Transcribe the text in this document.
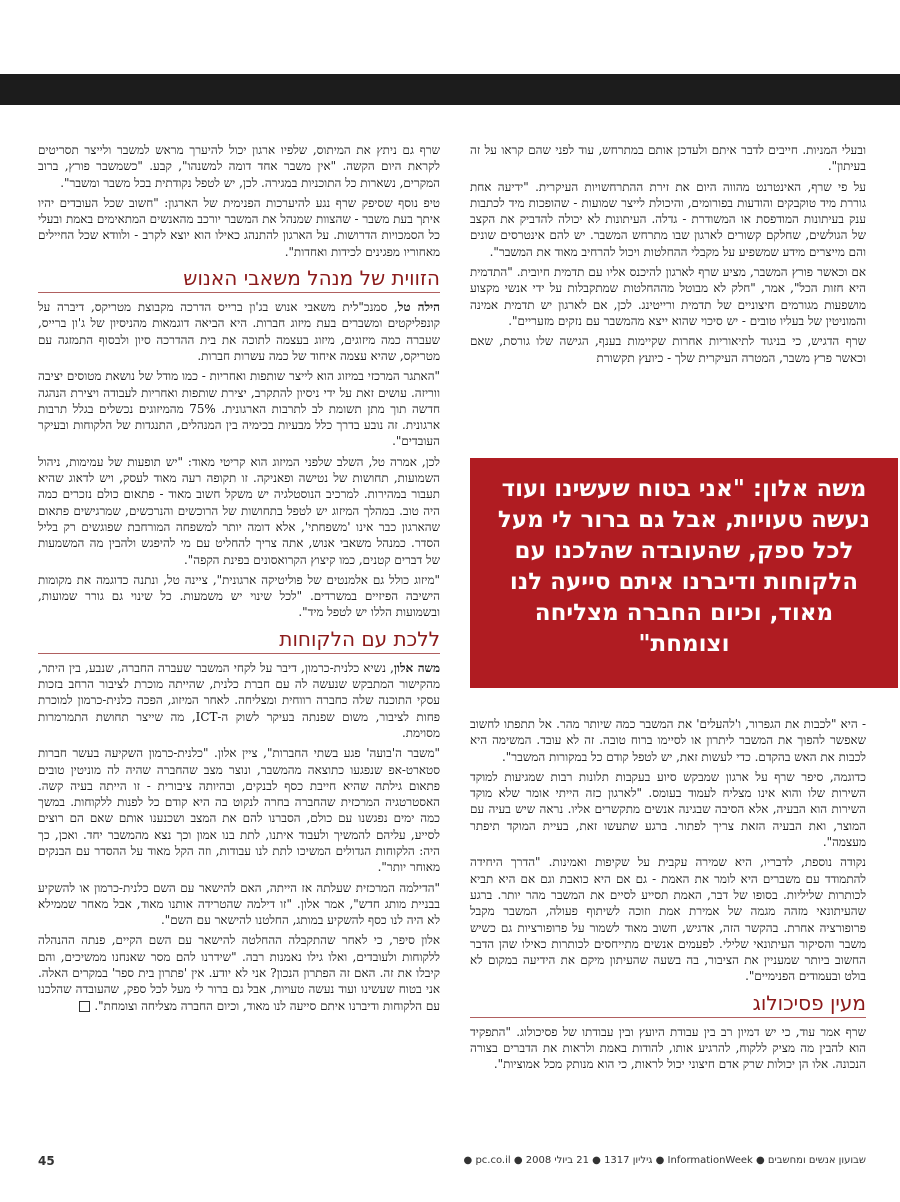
ובעלי המניות. חייבים לדבר איתם ולעדכן אותם במתרחש, עוד לפני שהם קראו על זה בעיתון".

על פי שרף, האינטרנט מהווה היום את זירת ההתרחשויות העיקרית. "ידיעה אחת גוררת מיד טוקבקים והודעות בפורומים, והיכולת לייצר שמועות - שהופכות מיד לכתבות ענק בעיתונות המודפסת או המשודרת - גדלה. העיתונות לא יכולה להדביק את הקצב של הגולשים, שחלקם קשורים לארגון שבו מתרחש המשבר. יש להם אינטרסים שונים והם מייצרים מידע שמשפיע על מקבלי ההחלטות ויכול להרחיב מאוד את המשבר".

אם וכאשר פורץ המשבר, מציע שרף לארגון להיכנס אליו עם תדמית חיובית. "התדמית היא חזות הכל", אמר, "חלק לא מבוטל מההחלטות שמתקבלות על ידי אנשי מקצוע מושפעות מגורמים חיצוניים של תדמית ורייטינג. לכן, אם לארגון יש תדמית אמינה והמוניטין של בעליו טובים - יש סיכוי שהוא ייצא מהמשבר עם נזקים מזעריים".

שרף הדגיש, כי בניגוד לתיאוריות אחרות שקיימות בענף, הגישה שלו גורסת, שאם וכאשר פרץ משבר, המטרה העיקרית שלך - כיועץ תקשורת

משה אלון: "אני בטוח שעשינו ועוד נעשה טעויות, אבל גם ברור לי מעל לכל ספק, שהעובדה שהלכנו עם הלקוחות ודיברנו איתם סייעה לנו מאוד, וכיום החברה מצליחה וצומחת"

- היא "לכבות את הגפרור, ו'להעלים' את המשבר כמה שיותר מהר. אל תתפתו לחשוב שאפשר להפוך את המשבר ליתרון או לסיימו ברוח טובה. זה לא עובד. המשימה היא לכבות את האש בהקדם. כדי לעשות זאת, יש לטפל קודם כל במקורות המשבר".

כדוגמה, סיפר שרף על ארגון שמבקש סיוע בעקבות תלונות רבות שמגיעות למוקד השירות שלו והוא אינו מצליח לעמוד בעומס. "לארגון כזה הייתי אומר שלא מוקד השירות הוא הבעיה, אלא הסיבה שבגינה אנשים מתקשרים אליו. נראה שיש בעיה עם המוצר, ואת הבעיה הזאת צריך לפתור. ברגע שתעשו זאת, בעיית המוקד תיפתר מעצמה".

נקודה נוספת, לדבריו, היא שמירה עקבית על שקיפות ואמינות. "הדרך היחידה להתמודד עם משברים היא לומר את האמת - גם אם היא כואבת וגם אם היא תביא לכותרות שליליות. בסופו של דבר, האמת תסייע לסיים את המשבר מהר יותר. ברגע שהעיתונאי מזהה מגמה של אמירת אמת וזוכה לשיתוף פעולה, המשבר מקבל פרופורציה אחרת. בהקשר הזה, אדגיש, חשוב מאוד לשמור על פרופורציות גם כשיש משבר והסיקור העיתונאי שלילי. לפעמים אנשים מתייחסים לכותרות כאילו שהן הדבר החשוב ביותר שמעניין את הציבור, בה בשעה שהעיתון מיקם את הידיעה במקום לא בולט ובעמודים הפנימיים".

מעין פסיכולוג

שרף אמר עוד, כי יש דמיון רב בין עבודת היועץ ובין עבודתו של פסיכולוג. "התפקיד הוא להבין מה מציק ללקוח, להרגיע אותו, להודות באמת ולראות את הדברים בצורה הנכונה. אלו הן יכולות שרק אדם חיצוני יכול לראות, כי הוא מנותק מכל אמוציות".

שרף גם ניתץ את המיתוס, שלפיו ארגון יכול להיערך מראש למשבר ולייצר תסריטים לקראת היום הקשה. "אין משבר אחד דומה למשנהו", קבע. "כשמשבר פורץ, ברוב המקרים, נשארות כל התוכניות במגירה. לכן, יש לטפל נקודתית בכל משבר ומשבר".

טיפ נוסף שסיפק שרף נגע להיערכות הפנימית של הארגון: "חשוב שכל העובדים יהיו איתך בעת משבר - שהצוות שמנהל את המשבר יורכב מהאנשים המתאימים באמת ובעלי כל הסמכויות הדרושות. על הארגון להתנהג כאילו הוא יוצא לקרב - ולוודא שכל החיילים מאחוריו מפגינים לכידות ואחדות".

הזווית של מנהל משאבי האנוש

הילה טל, סמנכ"לית משאבי אנוש בג'ון ברייס הדרכה מקבוצת מטריקס, דיברה על קונפליקטים ומשברים בעת מיזוג חברות. היא הביאה דוגמאות מהניסיון של ג'ון ברייס, שעברה כמה מיזוגים, מיזוג בעצמה לתוכה את בית ההדרכה סיון ולבסוף התמזגה עם מטריקס, שהיא עצמה איחוד של כמה עשרות חברות.

"האתגר המרכזי במיזוג הוא לייצר שותפות ואחריות - כמו מודל של נושאת מטוסים יציבה ווריזה. עושים זאת על ידי ניסיון להתקרב, יצירת שותפות ואחריות לעבודה ויצירת הנהגה חדשה תוך מתן תשומת לב לתרבות הארגונית. 75% מהמיזוגים נכשלים בגלל תרבות ארגונית. זה נובע בדרך כלל מבעיות בכימיה בין המנהלים, התנגדות של הלקוחות ובעיקר העובדים".

לכן, אמרה טל, השלב שלפני המיזוג הוא קריטי מאוד: "יש תופעות של עמימות, ניהול השמועות, תחושות של נטישה ופאניקה. זו תקופה רעה מאוד לעסק, ויש לדאוג שהיא תעבור במהירות. למרכיב הנוסטלגיה יש משקל חשוב מאוד - פתאום כולם נזכרים כמה היה טוב. במהלך המיזוג יש לטפל בתחושות של הרוכשים והנרכשים, שמרגישים פתאום שהארגון כבר אינו 'משפחתי', אלא דומה יותר למשפחה המורחבת שפוגשים רק בליל הסדר. כמנהל משאבי אנוש, אתה צריך להחליט עם מי להיפגש ולהבין מה המשמעות של דברים קטנים, כמו קיצוץ הקרואסונים בפינת הקפה".

"מיזוג כולל גם אלמנטים של פוליטיקה ארגונית", ציינה טל, ונתנה כדוגמה את מקומות הישיבה הפיזיים במשרדים. "לכל שינוי יש משמעות. כל שינוי גם גורר שמועות, ובשמועות הללו יש לטפל מיד".

ללכת עם הלקוחות

משה אלון, נשיא כלנית-כרמון, דיבר על לקחי המשבר שעברה החברה, שנבע, בין היתר, מהקישור המתבקש שנעשה לה עם חברת כלנית, שהייתה מוכרת לציבור הרחב בזכות עסקי התוכנה שלה כחברה רווחית ומצליחה. לאחר המיזוג, הפכה כלנית-כרמון למוכרת פחות לציבור, משום שפנתה בעיקר לשוק ה-ICT, מה שייצר תחושת התמרמרות מסוימת.

"משבר ה'בועה' פגע בשתי החברות", ציין אלון. "כלנית-כרמון השקיעה בעשר חברות סטארט-אפ שנפגעו כתוצאה מהמשבר, ונוצר מצב שהחברה שהיה לה מוניטין טובים פתאום גילתה שהיא חייבת כסף לבנקים, ובהיותה ציבורית - זו הייתה בעיה קשה. האסטרטגיה המרכזית שהחברה בחרה לנקוט בה היא קודם כל לפנות ללקוחות. במשך כמה ימים נפגשנו עם כולם, הסברנו להם את המצב ושכנענו אותם שאם הם רוצים לסייע, עליהם להמשיך ולעבוד איתנו, לתת בנו אמון וכך נצא מהמשבר יחד. ואכן, כך היה: הלקוחות הגדולים המשיכו לתת לנו עבודות, וזה הקל מאוד על ההסדר עם הבנקים מאוחר יותר".

"הדילמה המרכזית שעלתה אז הייתה, האם להישאר עם השם כלנית-כרמון או להשקיע בבניית מותג חדש", אמר אלון. "זו דילמה שהטרידה אותנו מאוד, אבל מאחר שממילא לא היה לנו כסף להשקיע במותג, החלטנו להישאר עם השם".

אלון סיפר, כי לאחר שהתקבלה ההחלטה להישאר עם השם הקיים, פנתה ההנהלה ללקוחות ולעובדים, ואלו גילו נאמנות רבה. "שידרנו להם מסר שאנחנו ממשיכים, והם קיבלו את זה. האם זה הפתרון הנכון? אני לא יודע. אין 'פתרון בית ספר' במקרים האלה. אני בטוח שעשינו ועוד נעשה טעויות, אבל גם ברור לי מעל לכל ספק, שהעובדה שהלכנו עם הלקוחות ודיברנו איתם סייעה לנו מאוד, וכיום החברה מצליחה וצומחת".

45	שבועון אנשים ומחשבים ● InformationWeek ● גיליון 1317 ● 21 ביולי 2008 ● pc.co.il ●
